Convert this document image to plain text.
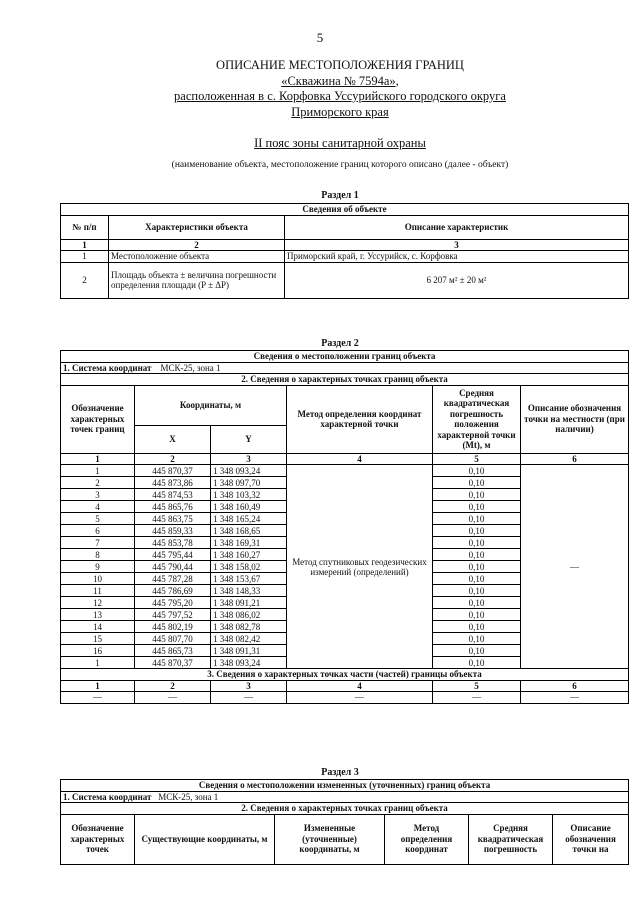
5
ОПИСАНИЕ МЕСТОПОЛОЖЕНИЯ ГРАНИЦ
«Скважина № 7594а»,
расположенная в с. Корфовка Уссурийского городского округа
Приморского края
II пояс зоны санитарной охраны
(наименование объекта, местоположение границ которого описано (далее - объект)
Раздел 1
Сведения об объекте		
№ п/п	Характеристики объекта	Описание характеристик
1	2	3
1	Местоположение объекта	Приморский край, г. Уссурийск, с. Корфовка
2	Площадь объекта ± величина погрешности определения площади (P ± ΔP)	6 207 м² ± 20 м²
Раздел 2
Сведения о местоположении границ объекта					
1. Система координат МСК-25, зона 1					
2. Сведения о характерных точках границ объекта					
Обозначение характерных точек границ	Координаты, м		Метод определения координат характерной точки	Средняя квадратическая погрешность положения характерной точки (Mt), м	Описание обозначения точки на местности (при наличии)
	X	Y			
1	2	3	4	5	6
1	445 870,37	1 348 093,24	Метод спутниковых геодезических измерений (определений)	0,10	—
2	445 873,86	1 348 097,70		0,10	
3	445 874,53	1 348 103,32		0,10	
4	445 865,76	1 348 160,49		0,10	
5	445 863,75	1 348 165,24		0,10	
6	445 859,33	1 348 168,65		0,10	
7	445 853,78	1 348 169,31		0,10	
8	445 795,44	1 348 160,27		0,10	
9	445 790,44	1 348 158,02		0,10	
10	445 787,28	1 348 153,67		0,10	
11	445 786,69	1 348 148,33		0,10	
12	445 795,20	1 348 091,21		0,10	
13	445 797,52	1 348 086,02		0,10	
14	445 802,19	1 348 082,78		0,10	
15	445 807,70	1 348 082,42		0,10	
16	445 865,73	1 348 091,31		0,10	
1	445 870,37	1 348 093,24		0,10	
3. Сведения о характерных точках части (частей) границы объекта					
1	2	3	4	5	6
—	—	—	—	—	—
Раздел 3
Сведения о местоположении измененных (уточненных) границ объекта
1. Система координат МСК-25, зона 1
2. Сведения о характерных точках границ объекта
Обозначение характерных точек	Существующие координаты, м	Измененные (уточненные) координаты, м	Метод определения координат	Средняя квадратическая погрешность	Описание обозначения точки на
